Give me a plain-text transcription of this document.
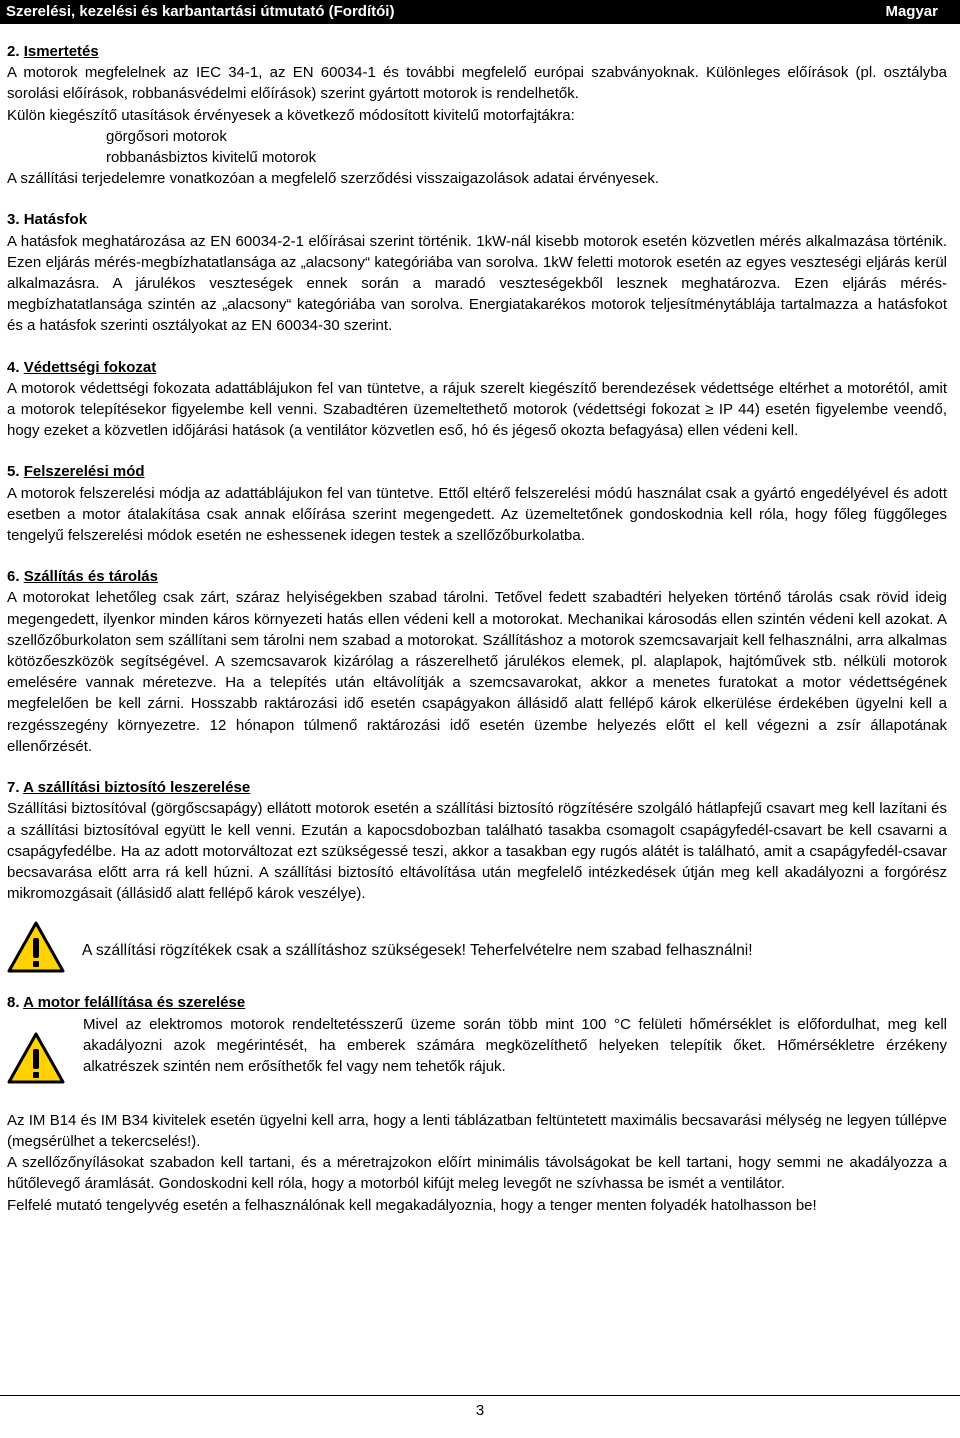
Szerelési, kezelési és karbantartási útmutató (Fordítói)	Magyar

2. Ismertetés

A motorok megfelelnek az IEC 34-1, az EN 60034-1 és további megfelelő európai szabványoknak. Különleges előírások (pl. osztályba sorolási előírások, robbanásvédelmi előírások) szerint gyártott motorok is rendelhetők.

Külön kiegészítő utasítások érvényesek a következő módosított kivitelű motorfajtákra:

görgősori motorok

robbanásbiztos kivitelű motorok

A szállítási terjedelemre vonatkozóan a megfelelő szerződési visszaigazolások adatai érvényesek.

3. Hatásfok

A hatásfok meghatározása az EN 60034-2-1 előírásai szerint történik. 1kW-nál kisebb motorok esetén közvetlen mérés alkalmazása történik. Ezen eljárás mérés-megbízhatatlansága az „alacsony“ kategóriába van sorolva. 1kW feletti motorok esetén az egyes veszteségi eljárás kerül alkalmazásra. A járulékos veszteségek ennek során a maradó veszteségekből lesznek meghatározva. Ezen eljárás mérés-megbízhatatlansága szintén az „alacsony“ kategóriába van sorolva. Energiatakarékos motorok teljesítménytáblája tartalmazza a hatásfokot és a hatásfok szerinti osztályokat az EN 60034-30 szerint.

4. Védettségi fokozat

A motorok védettségi fokozata adattáblájukon fel van tüntetve, a rájuk szerelt kiegészítő berendezések védettsége eltérhet a motorétól, amit a motorok telepítésekor figyelembe kell venni. Szabadtéren üzemeltethető motorok (védettségi fokozat ≥ IP 44) esetén figyelembe veendő, hogy ezeket a közvetlen időjárási hatások (a ventilátor közvetlen eső, hó és jégeső okozta befagyása) ellen védeni kell.

5. Felszerelési mód

A motorok felszerelési módja az adattáblájukon fel van tüntetve. Ettől eltérő felszerelési módú használat csak a gyártó engedélyével és adott esetben a motor átalakítása csak annak előírása szerint megengedett. Az üzemeltetőnek gondoskodnia kell róla, hogy főleg függőleges tengelyű felszerelési módok esetén ne eshessenek idegen testek a szellőzőburkolatba.

6. Szállítás és tárolás

A motorokat lehetőleg csak zárt, száraz helyiségekben szabad tárolni. Tetővel fedett szabadtéri helyeken történő tárolás csak rövid ideig megengedett, ilyenkor minden káros környezeti hatás ellen védeni kell a motorokat. Mechanikai károsodás ellen szintén védeni kell azokat. A szellőzőburkolaton sem szállítani sem tárolni nem szabad a motorokat. Szállításhoz a motorok szemcsavarjait kell felhasználni, arra alkalmas kötözőeszközök segítségével. A szemcsavarok kizárólag a rászerelhető járulékos elemek, pl. alaplapok, hajtóművek stb. nélküli motorok emelésére vannak méretezve. Ha a telepítés után eltávolítják a szemcsavarokat, akkor a menetes furatokat a motor védettségének megfelelően be kell zárni. Hosszabb raktározási idő esetén csapágyakon állásidő alatt fellépő károk elkerülése érdekében ügyelni kell a rezgésszegény környezetre. 12 hónapon túlmenő raktározási idő esetén üzembe helyezés előtt el kell végezni a zsír állapotának ellenőrzését.

7. A szállítási biztosító leszerelése

Szállítási biztosítóval (görgőscsapágy) ellátott motorok esetén a szállítási biztosító rögzítésére szolgáló hátlapfejű csavart meg kell lazítani és a szállítási biztosítóval együtt le kell venni. Ezután a kapocsdobozban található tasakba csomagolt csapágyfedél-csavart be kell csavarni a csapágyfedélbe. Ha az adott motorváltozat ezt szükségessé teszi, akkor a tasakban egy rugós alátét is található, amit a csapágyfedél-csavar becsavarása előtt arra rá kell húzni. A szállítási biztosító eltávolítása után megfelelő intézkedések útján meg kell akadályozni a forgórész mikromozgásait (állásidő alatt fellépő károk veszélye).

A szállítási rögzítékek csak a szállításhoz szükségesek! Teherfelvételre nem szabad felhasználni!

8. A motor felállítása és szerelése

Mivel az elektromos motorok rendeltetésszerű üzeme során több mint 100 °C felületi hőmérséklet is előfordulhat, meg kell akadályozni azok megérintését, ha emberek számára megközelíthető helyeken telepítik őket. Hőmérsékletre érzékeny alkatrészek szintén nem erősíthetők fel vagy nem tehetők rájuk.

Az IM B14 és IM B34 kivitelek esetén ügyelni kell arra, hogy a lenti táblázatban feltüntetett maximális becsavarási mélység ne legyen túllépve (megsérülhet a tekercselés!).

A szellőzőnyílásokat szabadon kell tartani, és a méretrajzokon előírt minimális távolságokat be kell tartani, hogy semmi ne akadályozza a hűtőlevegő áramlását. Gondoskodni kell róla, hogy a motorból kifújt meleg levegőt ne szívhassa be ismét a ventilátor.

Felfelé mutató tengelyvég esetén a felhasználónak kell megakadályoznia, hogy a tenger menten folyadék hatolhasson be!

3
